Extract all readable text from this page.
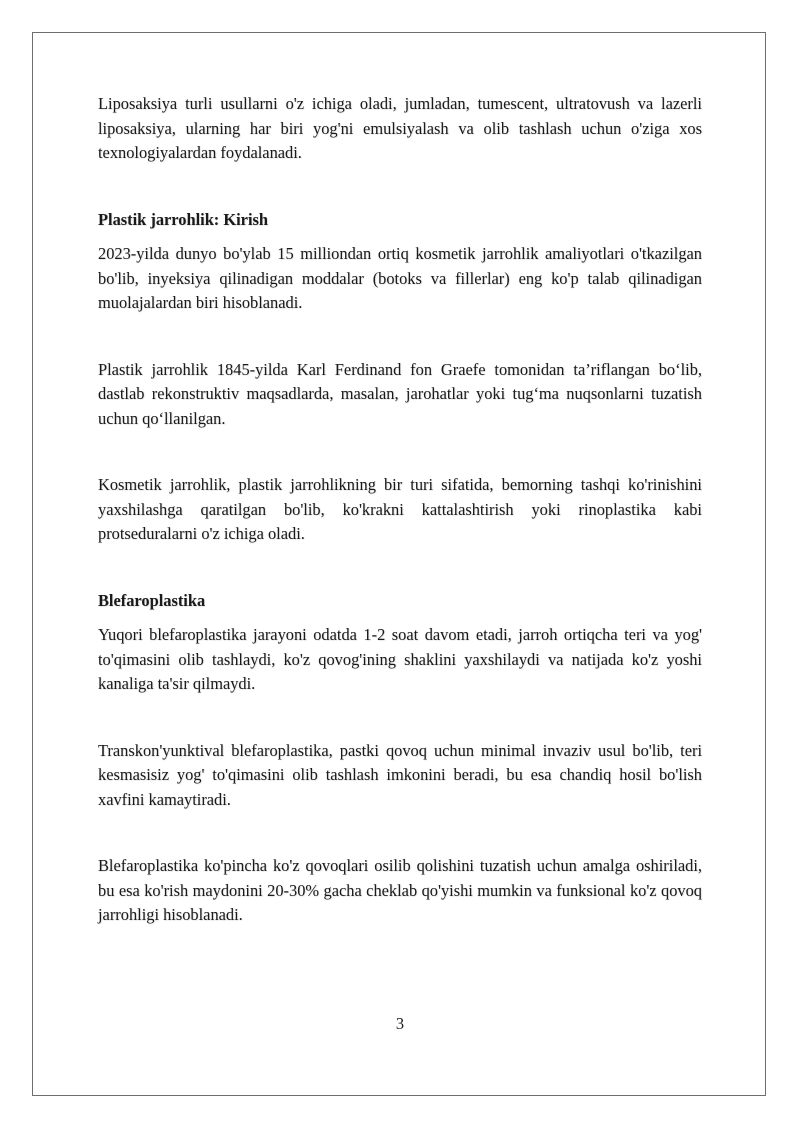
Liposaksiya turli usullarni o'z ichiga oladi, jumladan, tumescent, ultratovush va lazerli liposaksiya, ularning har biri yog'ni emulsiyalash va olib tashlash uchun o'ziga xos texnologiyalardan foydalanadi.

Plastik jarrohlik: Kirish

2023-yilda dunyo bo'ylab 15 milliondan ortiq kosmetik jarrohlik amaliyotlari o'tkazilgan bo'lib, inyeksiya qilinadigan moddalar (botoks va fillerlar) eng ko'p talab qilinadigan muolajalardan biri hisoblanadi.

Plastik jarrohlik 1845-yilda Karl Ferdinand fon Graefe tomonidan ta’riflangan bo‘lib, dastlab rekonstruktiv maqsadlarda, masalan, jarohatlar yoki tug‘ma nuqsonlarni tuzatish uchun qo‘llanilgan.

Kosmetik jarrohlik, plastik jarrohlikning bir turi sifatida, bemorning tashqi ko'rinishini yaxshilashga qaratilgan bo'lib, ko'krakni kattalashtirish yoki rinoplastika kabi protseduralarni o'z ichiga oladi.

Blefaroplastika

Yuqori blefaroplastika jarayoni odatda 1-2 soat davom etadi, jarroh ortiqcha teri va yog' to'qimasini olib tashlaydi, ko'z qovog'ining shaklini yaxshilaydi va natijada ko'z yoshi kanaliga ta'sir qilmaydi.

Transkon'yunktival blefaroplastika, pastki qovoq uchun minimal invaziv usul bo'lib, teri kesmasisiz yog' to'qimasini olib tashlash imkonini beradi, bu esa chandiq hosil bo'lish xavfini kamaytiradi.

Blefaroplastika ko'pincha ko'z qovoqlari osilib qolishini tuzatish uchun amalga oshiriladi, bu esa ko'rish maydonini 20-30% gacha cheklab qo'yishi mumkin va funksional ko'z qovoq jarrohligi hisoblanadi.

3
